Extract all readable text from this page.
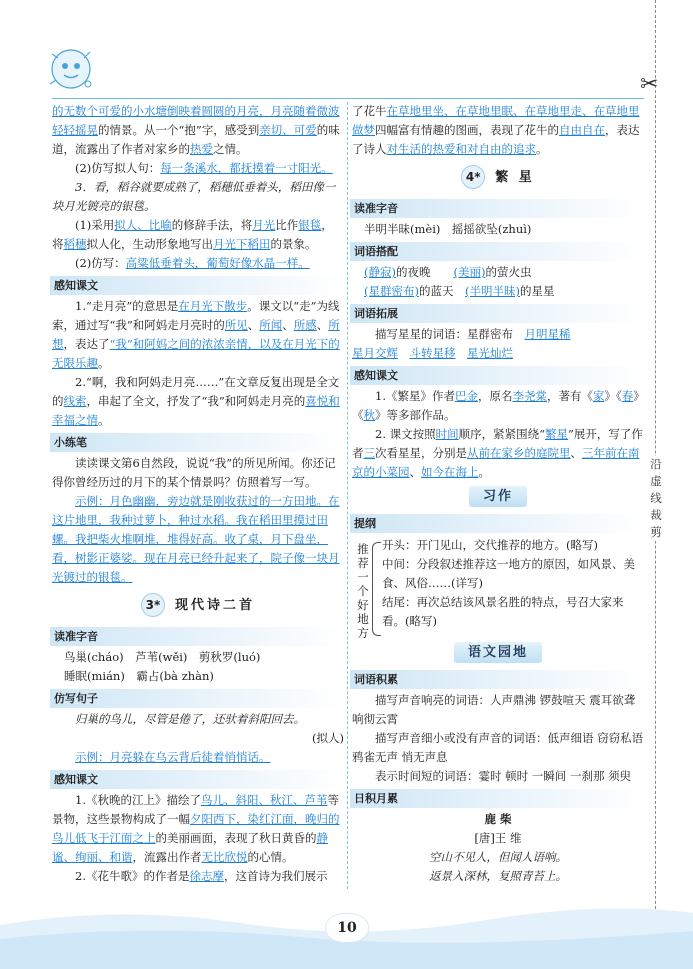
✂
沿虚线裁剪
10

的无数个可爱的小水塘倒映着圆圆的月亮，月亮随着微波轻轻摇晃的情景。从一个“抱”字，感受到亲切、可爱的味道，流露出了作者对家乡的热爱之情。

(2)仿写拟人句：每一条溪水，都抚摸着一寸阳光。

3．看，稻谷就要成熟了，稻穗低垂着头，稻田像一块月光镀亮的银毯。

(1)采用拟人、比喻的修辞手法，将月光比作银毯，将稻穗拟人化，生动形象地写出月光下稻田的景象。

(2)仿写：高粱低垂着头，葡萄好像水晶一样。

感知课文

1.“走月亮”的意思是在月光下散步。课文以“走”为线索，通过写“我”和阿妈走月亮时的所见、所闻、所感、所想，表达了“我”和阿妈之间的浓浓亲情，以及在月光下的无限乐趣。

2.“啊，我和阿妈走月亮……”在文章反复出现是全文的线索，串起了全文，抒发了“我”和阿妈走月亮的喜悦和幸福之情。

小练笔

读读课文第6自然段，说说“我”的所见所闻。你还记得你曾经历过的月下的某个情景吗？仿照着写一写。

示例：月色幽幽，旁边就是刚收获过的一方田地。在这片地里，我种过萝卜，种过水稻。我在稻田里摸过田螺。我把柴火堆啊堆，堆得好高。收了桌，月下盘坐，看，树影正婆娑。现在月亮已经升起来了，院子像一块月光镀过的银毯。

3* 现代诗二首
读准字音

鸟巢(cháo)　 芦苇(wěi)　 剪秋罗(luó)

睡眠(mián)　 霸占(bà zhàn)

仿写句子

归巢的鸟儿，尽管是倦了，还驮着斜阳回去。

(拟人)

示例：月亮躲在乌云背后徒着悄悄话。

感知课文

1.《秋晚的江上》描绘了鸟儿、斜阳、秋江、芦苇等景物，这些景物构成了一幅夕阳西下，染红江面，晚归的鸟儿低飞于江面之上的美丽画面，表现了秋日黄昏的静谧、绚丽、和谐，流露出作者无比欣悦的心情。

2.《花牛歌》的作者是徐志摩，这首诗为我们展示

了花牛在草地里坐、在草地里眠、在草地里走、在草地里做梦四幅富有情趣的图画，表现了花牛的自由自在，表达了诗人对生活的热爱和对自由的追求。

4* 繁 星
读准字音

半明半昧(mèi)　 摇摇欲坠(zhuì)

词语搭配

(静寂)的夜晚　　 (美丽)的萤火虫

(星群密布)的蓝天　 (半明半昧)的星星

词语拓展

描写星星的词语：星群密布　 月明星稀

星月交辉　 斗转星移　 星光灿烂

感知课文

1.《繁星》作者巴金，原名李尧棠，著有《家》《春》《秋》等多部作品。

2. 课文按照时间顺序，紧紧围绕“繁星”展开，写了作者三次看星星，分别是从前在家乡的庭院里、三年前在南京的小菜园、如今在海上。

习作
提纲
推荐一个好地方

开头：开门见山，交代推荐的地方。(略写)

中间：分段叙述推荐这一地方的原因，如风景、美食、风俗……(详写)

结尾：再次总结该风景名胜的特点，号召大家来看。(略写)

语文园地
词语积累

描写声音响亮的词语：人声鼎沸 锣鼓喧天 震耳欲聋 响彻云霄

描写声音细小或没有声音的词语：低声细语 窃窃私语 鸦雀无声 悄无声息

表示时间短的词语：霎时 顿时 一瞬间 一刹那 须臾

日积月累

鹿 柴

[唐]王 维

空山不见人，但闻人语响。

返景入深林，复照青苔上。
